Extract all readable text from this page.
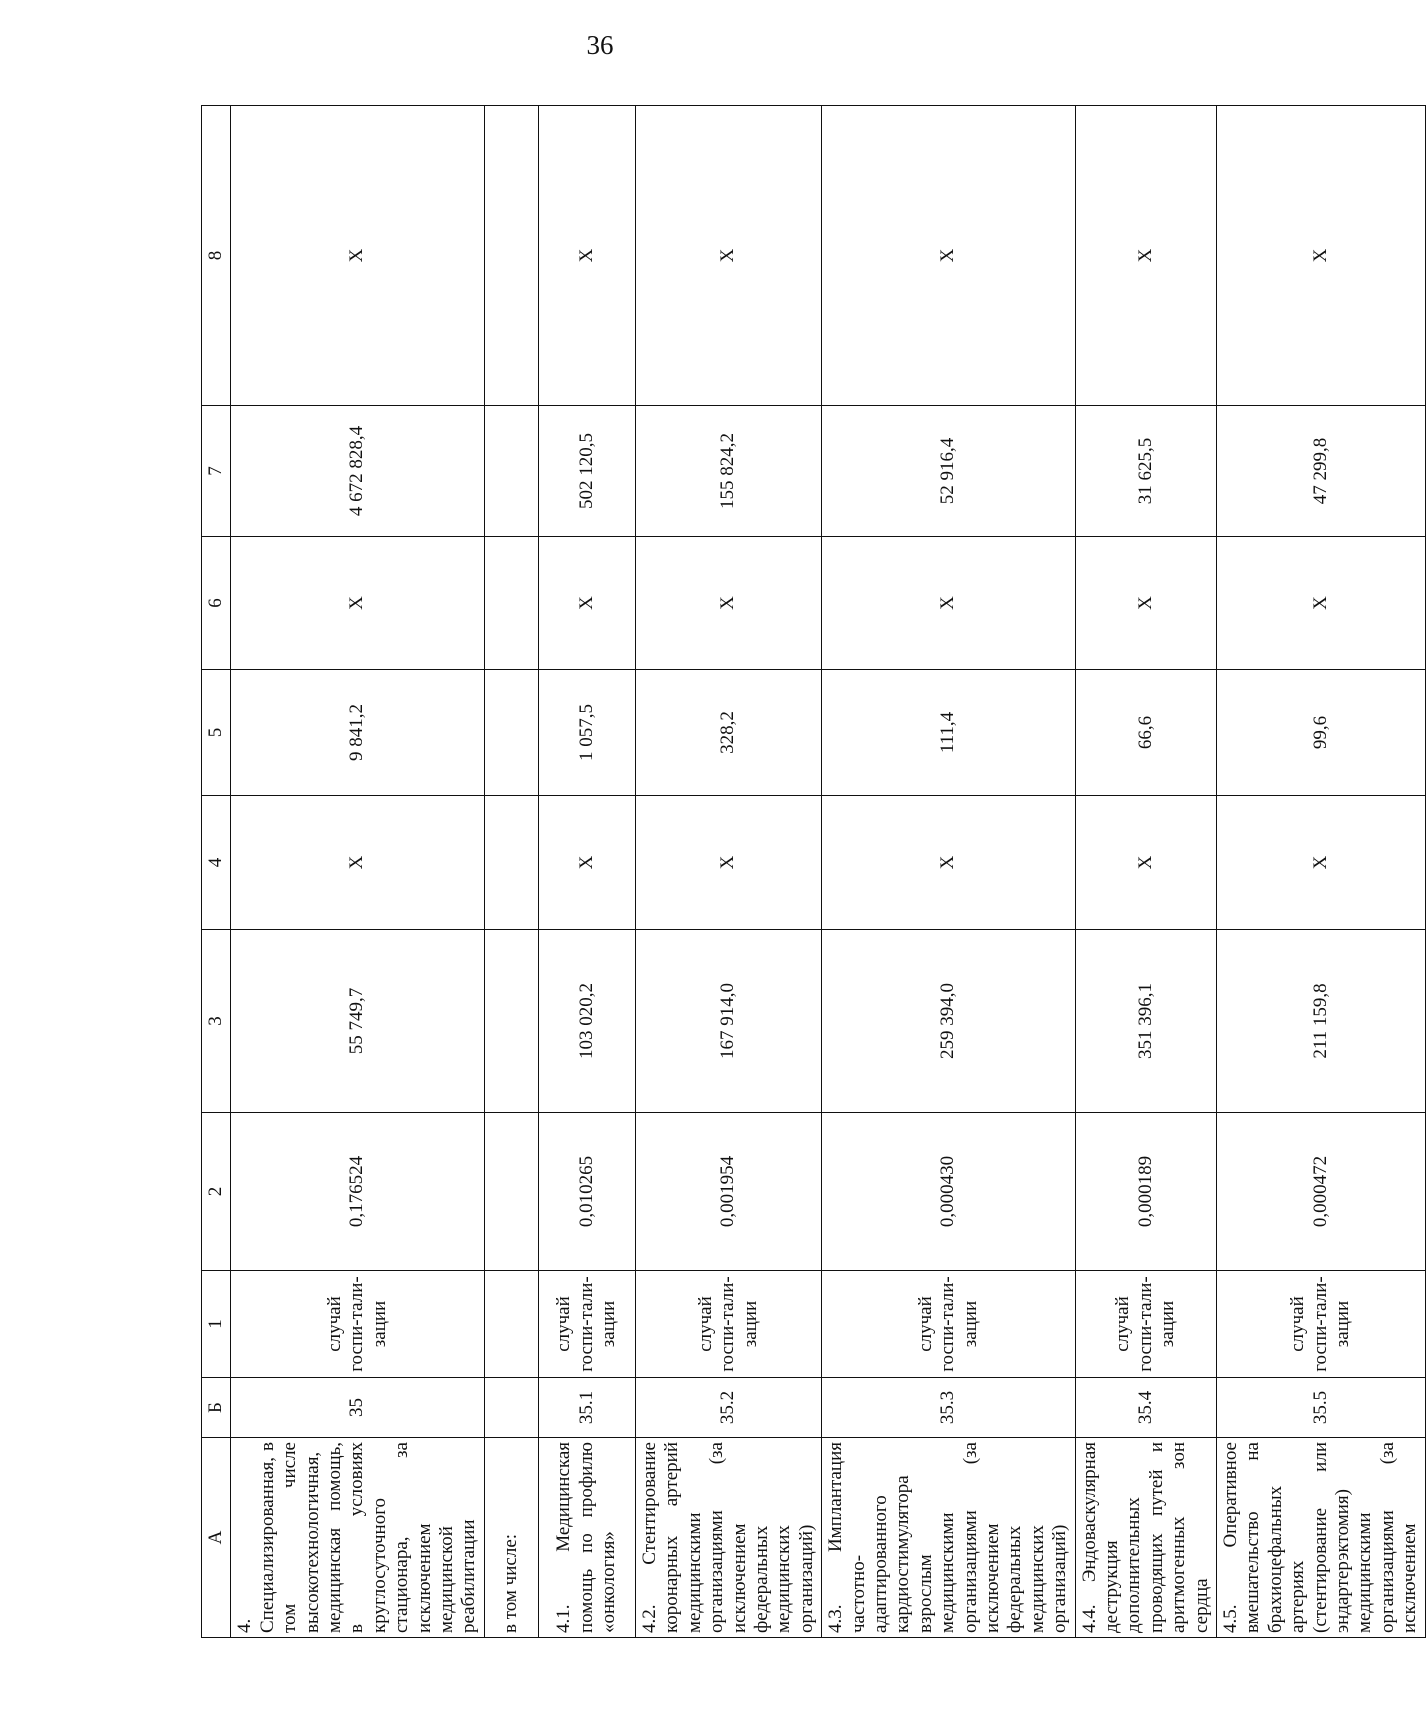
36
А	Б	1	2	3	4	5	6	7	8
4. Специализированная, в том числе высокотехнологичная, медицинская помощь, в условиях круглосуточного стационара, за исключением медицинской реабилитации	35	случай госпи-тали-зации	0,176524	55 749,7	Х	9 841,2	Х	4 672 828,4	Х
в том числе:									
4.1. Медицинская помощь по профилю «онкология»	35.1	случай госпи-тали-зации	0,010265	103 020,2	Х	1 057,5	Х	502 120,5	Х
4.2. Стентирование коронарных артерий медицинскими организациями (за исключением федеральных медицинских организаций)	35.2	случай госпи-тали-зации	0,001954	167 914,0	Х	328,2	Х	155 824,2	Х
4.3. Имплантация частотно-адаптированного кардиостимулятора взрослым медицинскими организациями (за исключением федеральных медицинских организаций)	35.3	случай госпи-тали-зации	0,000430	259 394,0	Х	111,4	Х	52 916,4	Х
4.4. Эндоваскулярная деструкция дополнительных проводящих путей и аритмогенных зон сердца	35.4	случай госпи-тали-зации	0,000189	351 396,1	Х	66,6	Х	31 625,5	Х
4.5. Оперативное вмешательство на брахиоцефальных артериях (стентирование или эндартерэктомия) медицинскими организациями (за исключением	35.5	случай госпи-тали-зации	0,000472	211 159,8	Х	99,6	Х	47 299,8	Х
